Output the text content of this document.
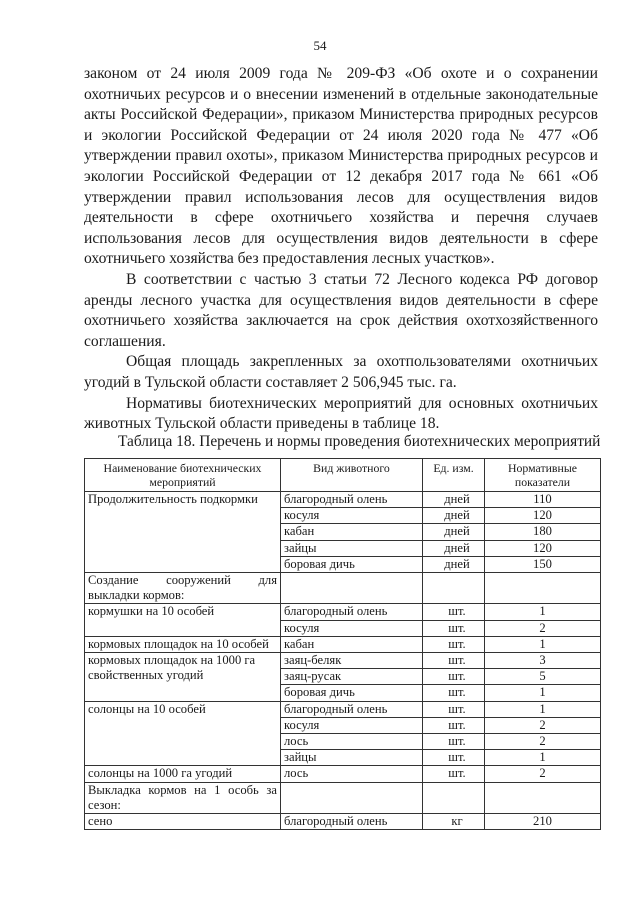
54

законом от 24 июля 2009 года № 209-ФЗ «Об охоте и о сохранении охотничьих ресурсов и о внесении изменений в отдельные законодательные акты Российской Федерации», приказом Министерства природных ресурсов и экологии Российской Федерации от 24 июля 2020 года № 477 «Об утверждении правил охоты», приказом Министерства природных ресурсов и экологии Российской Федерации от 12 декабря 2017 года № 661 «Об утверждении правил использования лесов для осуществления видов деятельности в сфере охотничьего хозяйства и перечня случаев использования лесов для осуществления видов деятельности в сфере охотничьего хозяйства без предоставления лесных участков».

В соответствии с частью 3 статьи 72 Лесного кодекса РФ договор аренды лесного участка для осуществления видов деятельности в сфере охотничьего хозяйства заключается на срок действия охотхозяйственного соглашения.

Общая площадь закрепленных за охотпользователями охотничьих угодий в Тульской области составляет 2 506,945 тыс. га.

Нормативы биотехнических мероприятий для основных охотничьих животных Тульской области приведены в таблице 18.

Таблица 18. Перечень и нормы проведения биотехнических мероприятий
Наименование биотехнических мероприятий	Вид животного	Ед. изм.	Нормативные показатели
Продолжительность подкормки	благородный олень	дней	110
	косуля	дней	120
	кабан	дней	180
	зайцы	дней	120
	боровая дичь	дней	150
Создание сооружений для выкладки кормов:			
кормушки на 10 особей	благородный олень	шт.	1
	косуля	шт.	2
кормовых площадок на 10 особей	кабан	шт.	1
кормовых площадок на 1000 га свойственных угодий	заяц-беляк	шт.	3
	заяц-русак	шт.	5
	боровая дичь	шт.	1
солонцы на 10 особей	благородный олень	шт.	1
	косуля	шт.	2
	лось	шт.	2
	зайцы	шт.	1
солонцы на 1000 га угодий	лось	шт.	2
Выкладка кормов на 1 особь за сезон:			
сено	благородный олень	кг	210
